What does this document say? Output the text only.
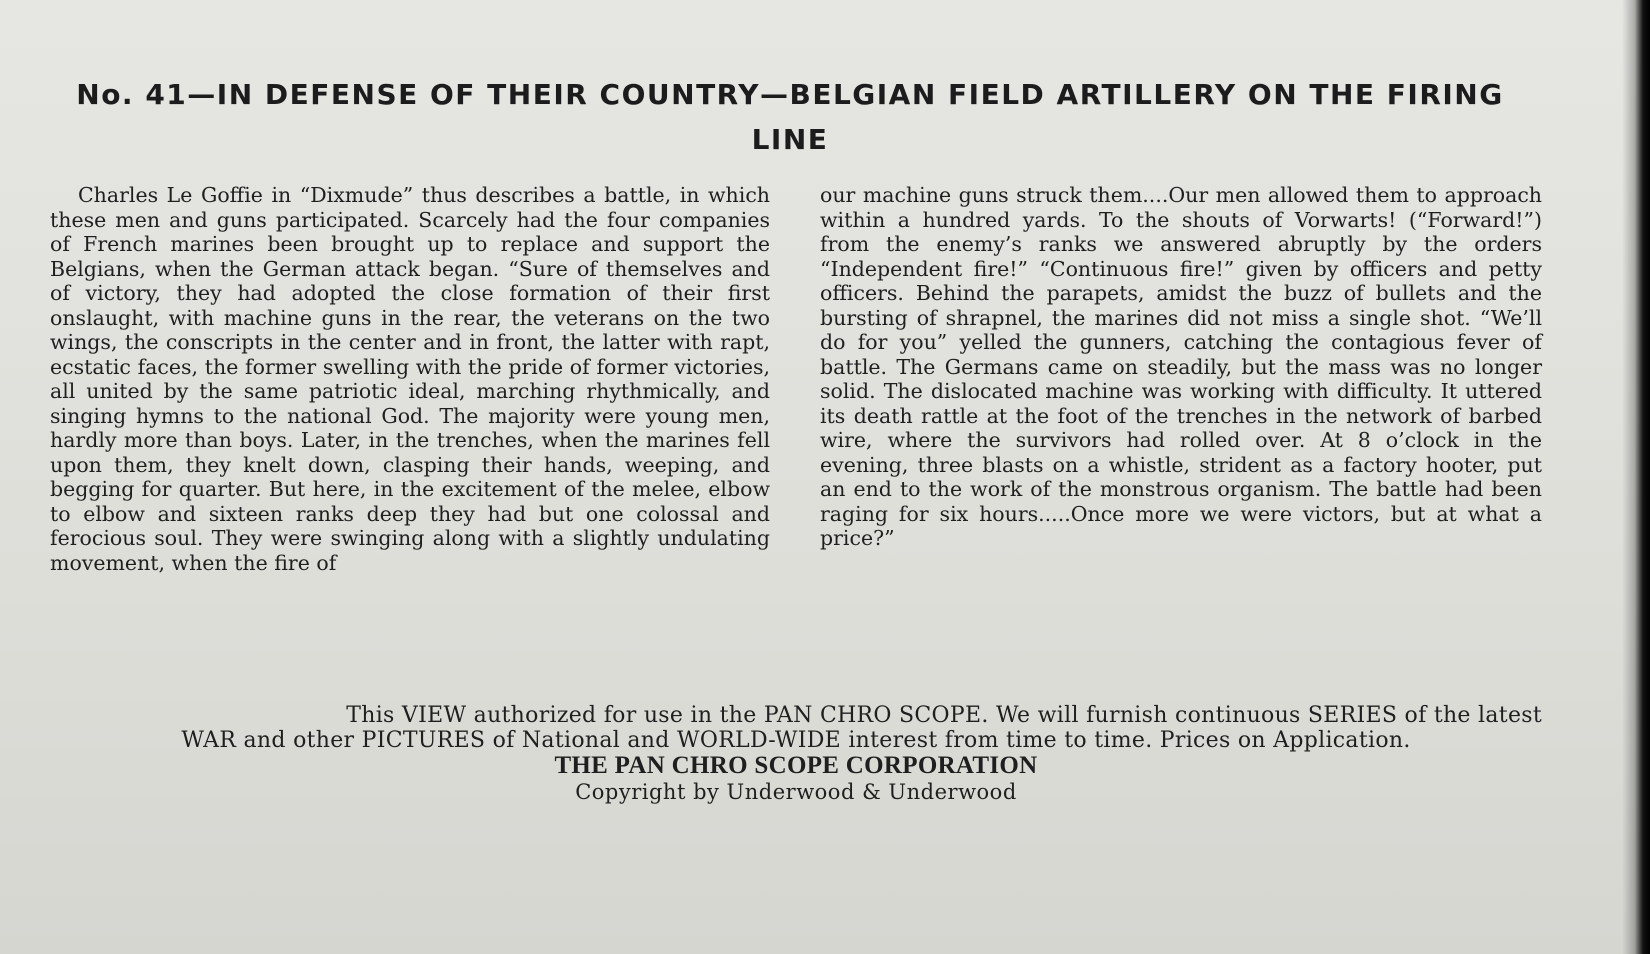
No. 41—IN DEFENSE OF THEIR COUNTRY—BELGIAN FIELD ARTILLERY ON THE FIRING LINE
Charles Le Goffie in “Dixmude” thus describes a battle, in which these men and guns participated. Scarcely had the four companies of French marines been brought up to replace and support the Belgians, when the German attack began. “Sure of themselves and of victory, they had adopted the close formation of their first onslaught, with machine guns in the rear, the veterans on the two wings, the conscripts in the center and in front, the latter with rapt, ecstatic faces, the former swelling with the pride of former victories, all united by the same patriotic ideal, marching rhythmically, and singing hymns to the national God. The majority were young men, hardly more than boys. Later, in the trenches, when the marines fell upon them, they knelt down, clasping their hands, weeping, and begging for quarter. But here, in the excitement of the melee, elbow to elbow and sixteen ranks deep they had but one colossal and ferocious soul. They were swinging along with a slightly undulating movement, when the fire of
our machine guns struck them....Our men allowed them to approach within a hundred yards. To the shouts of Vorwarts! (“Forward!”) from the enemy’s ranks we answered abruptly by the orders “Independent fire!” “Continuous fire!” given by officers and petty officers. Behind the parapets, amidst the buzz of bullets and the bursting of shrapnel, the marines did not miss a single shot. “We’ll do for you” yelled the gunners, catching the contagious fever of battle. The Germans came on steadily, but the mass was no longer solid. The dislocated machine was working with difficulty. It uttered its death rattle at the foot of the trenches in the network of barbed wire, where the survivors had rolled over. At 8 o’clock in the evening, three blasts on a whistle, strident as a factory hooter, put an end to the work of the monstrous organism. The battle had been raging for six hours.....Once more we were victors, but at what a price?”
This VIEW authorized for use in the PAN CHRO SCOPE. We will furnish continuous SERIES of the latest
WAR and other PICTURES of National and WORLD-WIDE interest from time to time. Prices on Application.
THE PAN CHRO SCOPE CORPORATION
Copyright by Underwood & Underwood
